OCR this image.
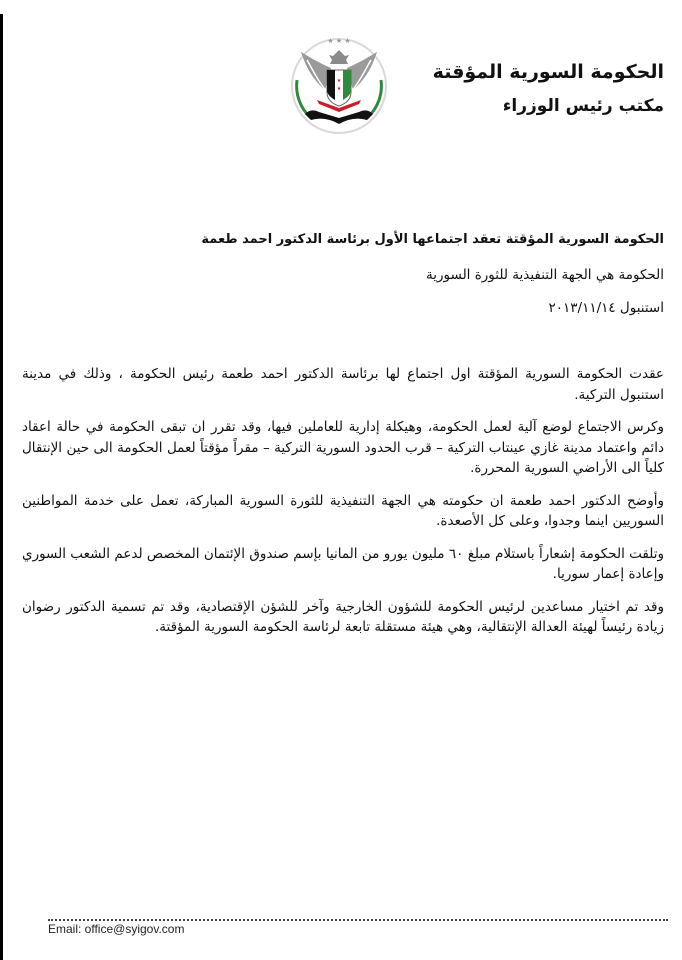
★ ★ ★
★
★
الحكومة السورية المؤقتة
مكتب رئيس الوزراء
الحكومة السورية المؤقتة تعقد اجتماعها الأول برئاسة الدكتور احمد طعمة
الحكومة هي الجهة التنفيذية للثورة السورية
استنبول ٢٠١٣/١١/١٤

عقدت الحكومة السورية المؤقتة اول اجتماع لها برئاسة الدكتور احمد طعمة رئيس الحكومة ، وذلك في مدينة استنبول التركية.

وكرس الاجتماع لوضع آلية لعمل الحكومة، وهيكلة إدارية للعاملين فيها، وقد تقرر ان تبقى الحكومة في حالة اعقاد دائم واعتماد مدينة غازي عينتاب التركية – قرب الحدود السورية التركية – مقراً مؤقتاً لعمل الحكومة الى حين الإنتقال كلياً الى الأراضي السورية المحررة.

وأوضح الدكتور احمد طعمة ان حكومته هي الجهة التنفيذية للثورة السورية المباركة، تعمل على خدمة المواطنين السوريين اينما وجدوا، وعلى كل الأصعدة.

وتلقت الحكومة إشعاراً باستلام مبلغ ٦٠ مليون يورو من المانيا بإسم صندوق الإئتمان المخصص لدعم الشعب السوري وإعادة إعمار سوريا.

وقد تم اختيار مساعدين لرئيس الحكومة للشؤون الخارجية وآخر للشؤن الإقتصادية، وقد تم تسمية الدكتور رضوان زيادة رئيساً لهيئة العدالة الإنتقالية، وهي هيئة مستقلة تابعة لرئاسة الحكومة السورية المؤقتة.

Email: office@syigov.com
